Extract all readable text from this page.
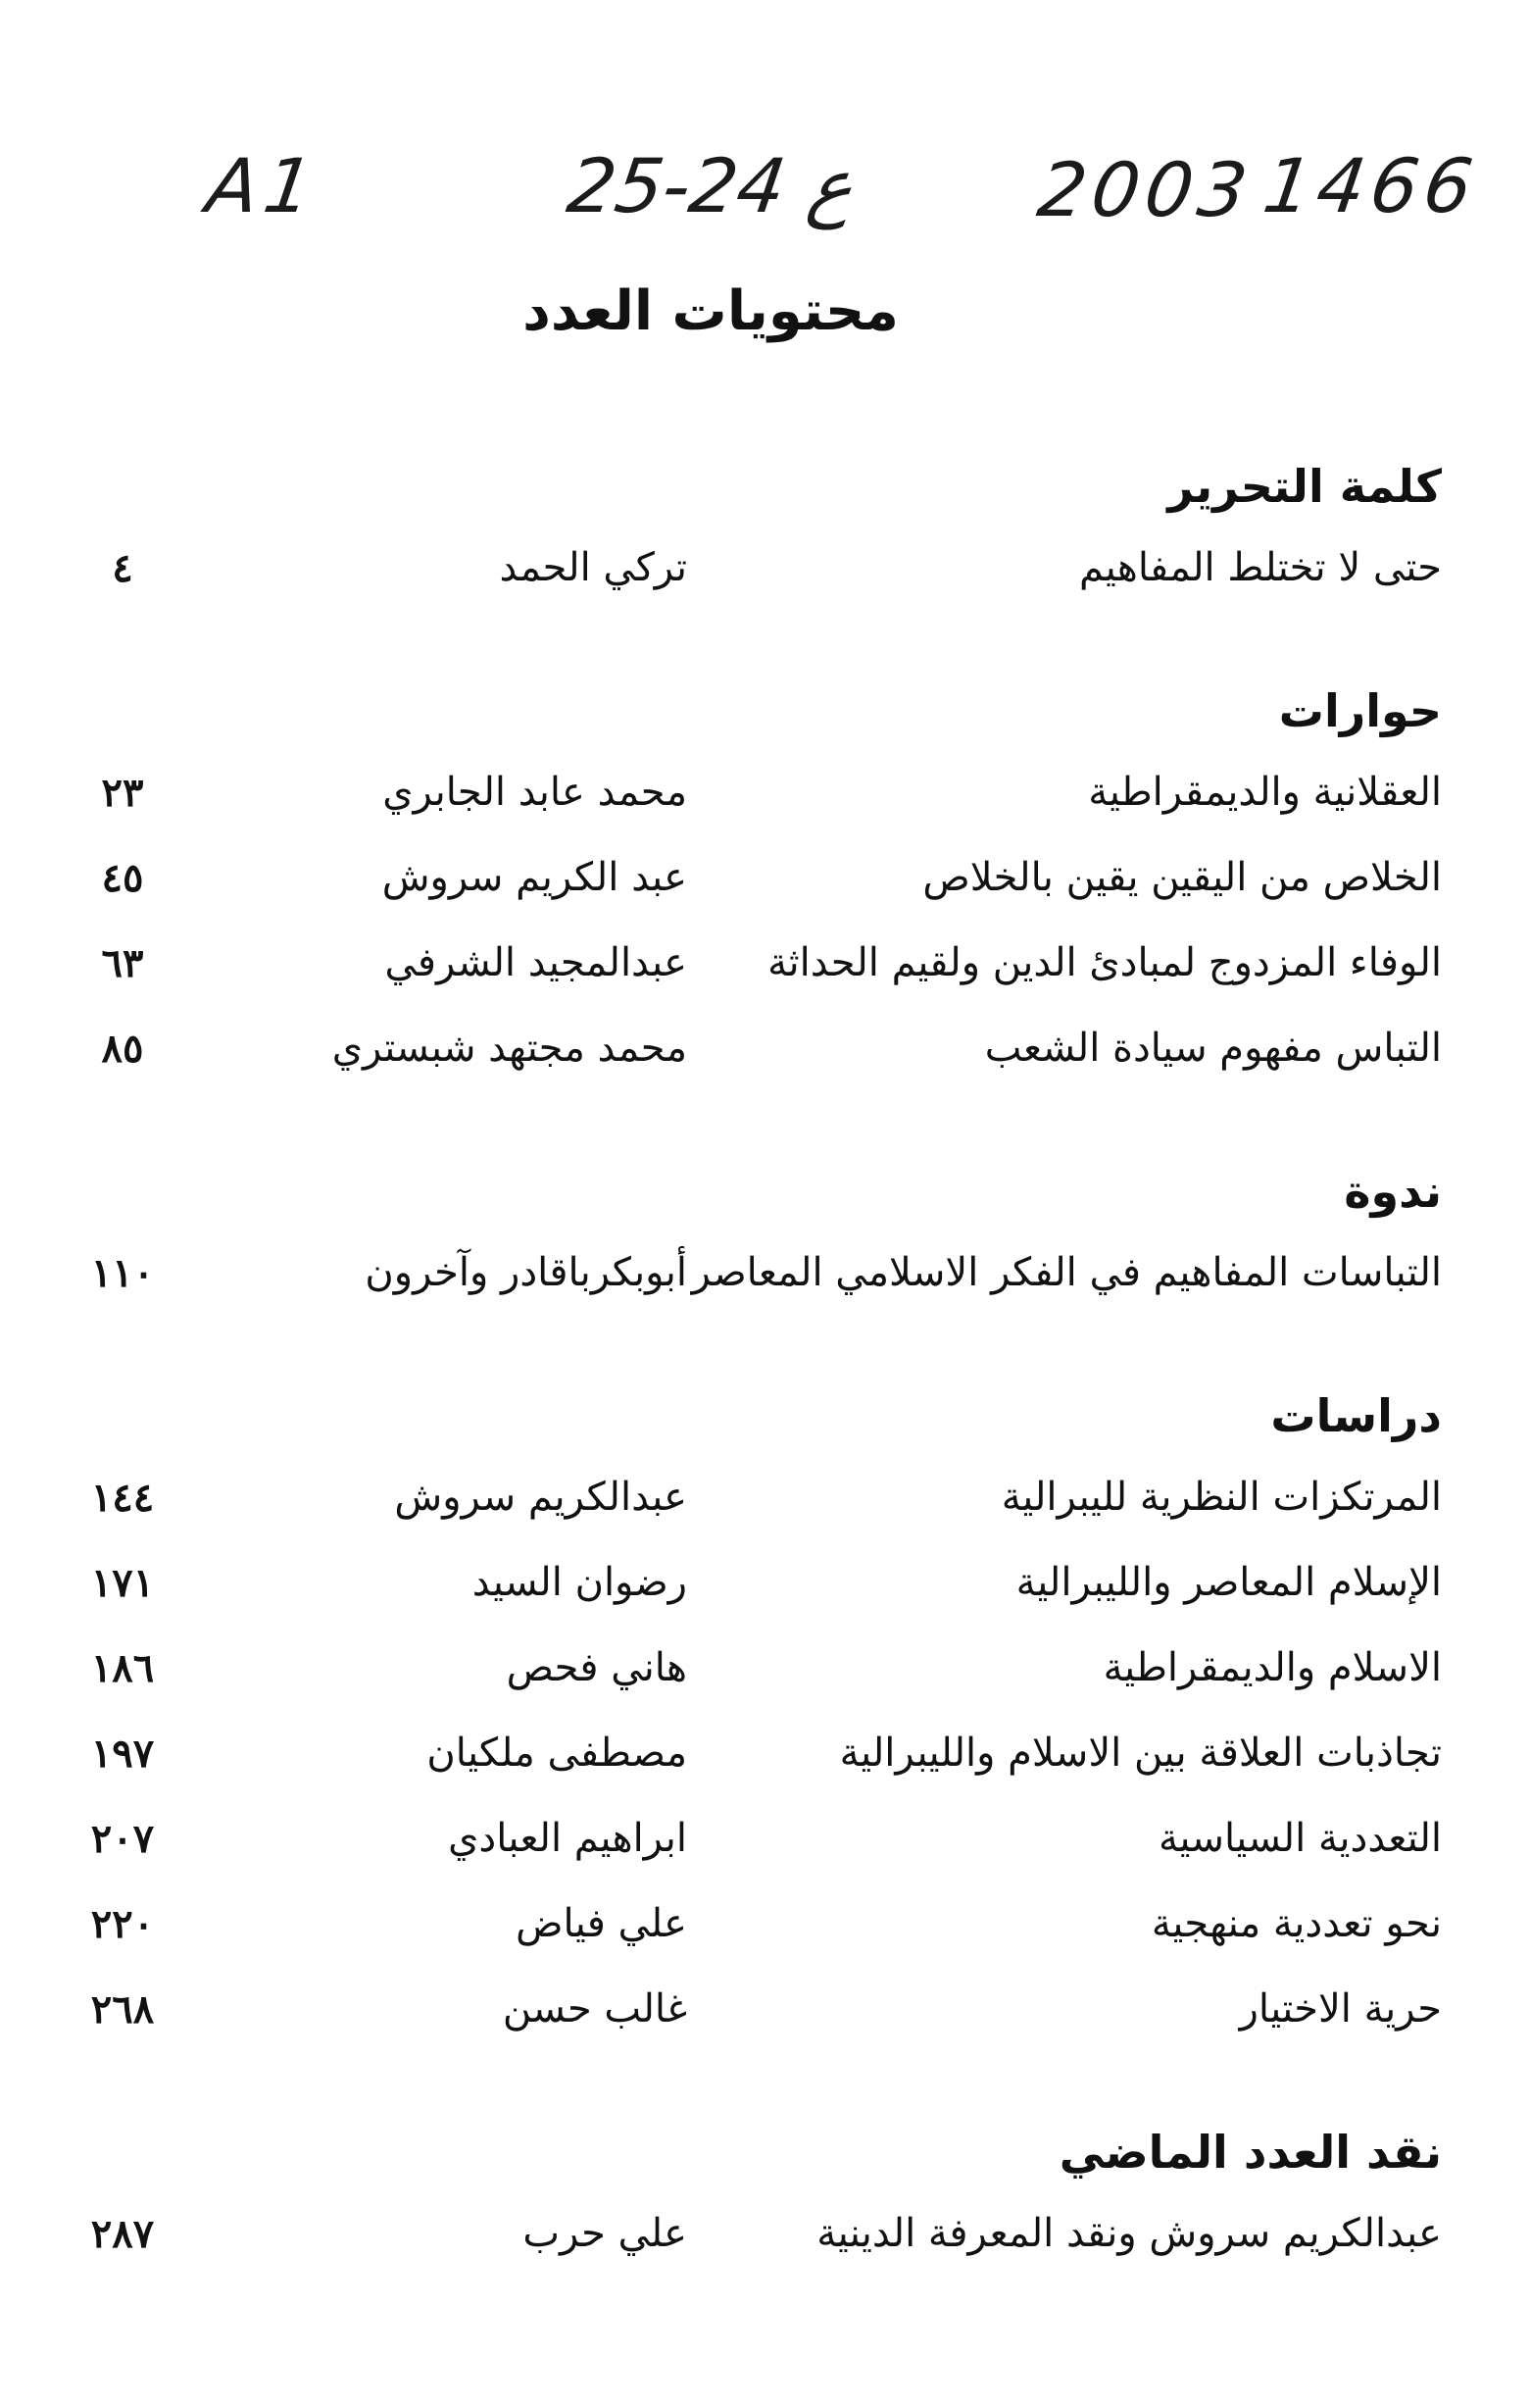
A1	25-24 ع 2003 1466
محتويات العدد
كلمة التحرير
حتى لا تختلط المفاهيم
تركي الحمد
٤
حوارات
العقلانية والديمقراطية
محمد عابد الجابري
٢٣
الخلاص من اليقين يقين بالخلاص
عبد الكريم سروش
٤٥
الوفاء المزدوج لمبادئ الدين ولقيم الحداثة
عبدالمجيد الشرفي
٦٣
التباس مفهوم سيادة الشعب
محمد مجتهد شبستري
٨٥
ندوة
التباسات المفاهيم في الفكر الاسلامي المعاصر
أبوبكرباقادر وآخرون
١١٠
دراسات
المرتكزات النظرية لليبرالية
عبدالكريم سروش
١٤٤
الإسلام المعاصر والليبرالية
رضوان السيد
١٧١
الاسلام والديمقراطية
هاني فحص
١٨٦
تجاذبات العلاقة بين الاسلام والليبرالية
مصطفى ملكيان
١٩٧
التعددية السياسية
ابراهيم العبادي
٢٠٧
نحو تعددية منهجية
علي فياض
٢٢٠
حرية الاختيار
غالب حسن
٢٦٨
نقد العدد الماضي
عبدالكريم سروش ونقد المعرفة الدينية
علي حرب
٢٨٧
